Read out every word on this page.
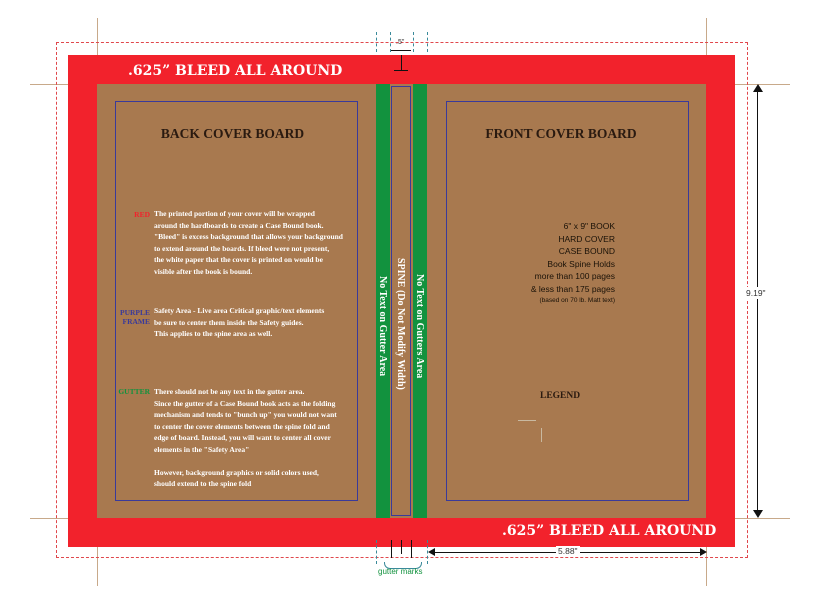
.625” BLEED ALL AROUND
.625” BLEED ALL AROUND
BACK COVER BOARD
RED The printed portion of your cover will be wrapped
around the hardboards to create a Case Bound book.
"Bleed" is excess background that allows your background
to extend around the boards. If bleed were not present,
the white paper that the cover is printed on would be
visible after the book is bound.
PURPLE
FRAME
Safety Area - Live area Critical graphic/text elements
be sure to center them inside the Safety guides.
This applies to the spine area as well.
GUTTER There should not be any text in the gutter area.
Since the gutter of a Case Bound book acts as the folding
mechanism and tends to "bunch up" you would not want
to center the cover elements between the spine fold and
edge of board. Instead, you will want to center all cover
elements in the "Safety Area"

However, background graphics or solid colors used,
should extend to the spine fold
No Text on Gutter Area SPINE (Do Not Modify Width) No Text on Gutters Area
FRONT COVER BOARD
6" x 9" BOOK
HARD COVER
CASE BOUND
Book Spine Holds
more than 100 pages
& less than 175 pages
(based on 70 lb. Matt text)
LEGEND
9.19"
5.88"
.5"
gutter marks
